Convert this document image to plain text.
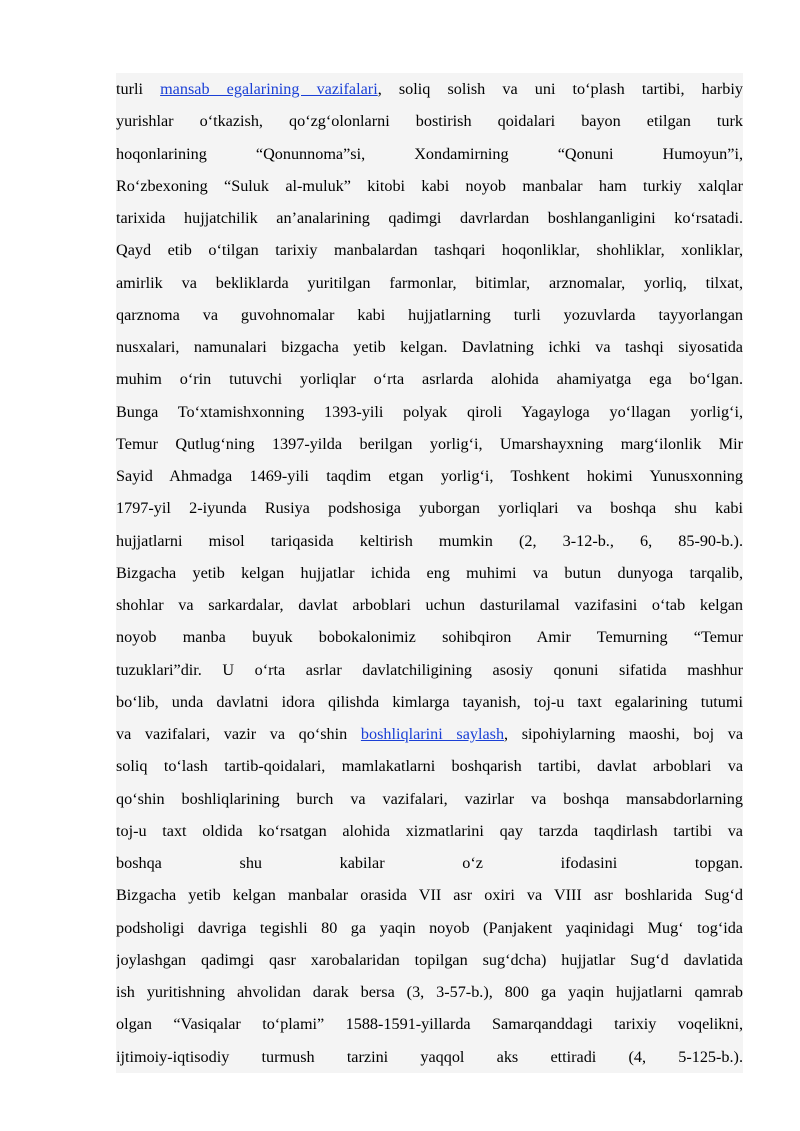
turli mansab egalarining vazifalari, soliq solish va uni to‘plash tartibi, harbiy
yurishlar o‘tkazish, qo‘zg‘olonlarni bostirish qoidalari bayon etilgan turk
hoqonlarining “Qonunnoma”si, Xondamirning “Qonuni Humoyun”i,
Ro‘zbexoning “Suluk al-muluk” kitobi kabi noyob manbalar ham turkiy xalqlar
tarixida hujjatchilik an’analarining qadimgi davrlardan boshlanganligini ko‘rsatadi.
Qayd etib o‘tilgan tarixiy manbalardan tashqari hoqonliklar, shohliklar, xonliklar,
amirlik va bekliklarda yuritilgan farmonlar, bitimlar, arznomalar, yorliq, tilxat,
qarznoma va guvohnomalar kabi hujjatlarning turli yozuvlarda tayyorlangan
nusxalari, namunalari bizgacha yetib kelgan. Davlatning ichki va tashqi siyosatida
muhim o‘rin tutuvchi yorliqlar o‘rta asrlarda alohida ahamiyatga ega bo‘lgan.
Bunga To‘xtamishxonning 1393-yili polyak qiroli Yagayloga yo‘llagan yorlig‘i,
Temur Qutlug‘ning 1397-yilda berilgan yorlig‘i, Umarshayxning marg‘ilonlik Mir
Sayid Ahmadga 1469-yili taqdim etgan yorlig‘i, Toshkent hokimi Yunusxonning
1797-yil 2-iyunda Rusiya podshosiga yuborgan yorliqlari va boshqa shu kabi
hujjatlarni misol tariqasida keltirish mumkin (2, 3-12-b., 6, 85-90-b.).
Bizgacha yetib kelgan hujjatlar ichida eng muhimi va butun dunyoga tarqalib,
shohlar va sarkardalar, davlat arboblari uchun dasturilamal vazifasini o‘tab kelgan
noyob manba buyuk bobokalonimiz sohibqiron Amir Temurning “Temur
tuzuklari”dir. U o‘rta asrlar davlatchiligining asosiy qonuni sifatida mashhur
bo‘lib, unda davlatni idora qilishda kimlarga tayanish, toj-u taxt egalarining tutumi
va vazifalari, vazir va qo‘shin boshliqlarini saylash, sipohiylarning maoshi, boj va
soliq to‘lash tartib-qoidalari, mamlakatlarni boshqarish tartibi, davlat arboblari va
qo‘shin boshliqlarining burch va vazifalari, vazirlar va boshqa mansabdorlarning
toj-u taxt oldida ko‘rsatgan alohida xizmatlarini qay tarzda taqdirlash tartibi va
boshqa shu kabilar o‘z ifodasini topgan.
Bizgacha yetib kelgan manbalar orasida VII asr oxiri va VIII asr boshlarida Sug‘d
podsholigi davriga tegishli 80 ga yaqin noyob (Panjakent yaqinidagi Mug‘ tog‘ida
joylashgan qadimgi qasr xarobalaridan topilgan sug‘dcha) hujjatlar Sug‘d davlatida
ish yuritishning ahvolidan darak bersa (3, 3-57-b.), 800 ga yaqin hujjatlarni qamrab
olgan “Vasiqalar to‘plami” 1588-1591-yillarda Samarqanddagi tarixiy voqelikni,
ijtimoiy-iqtisodiy turmush tarzini yaqqol aks ettiradi (4, 5-125-b.).
